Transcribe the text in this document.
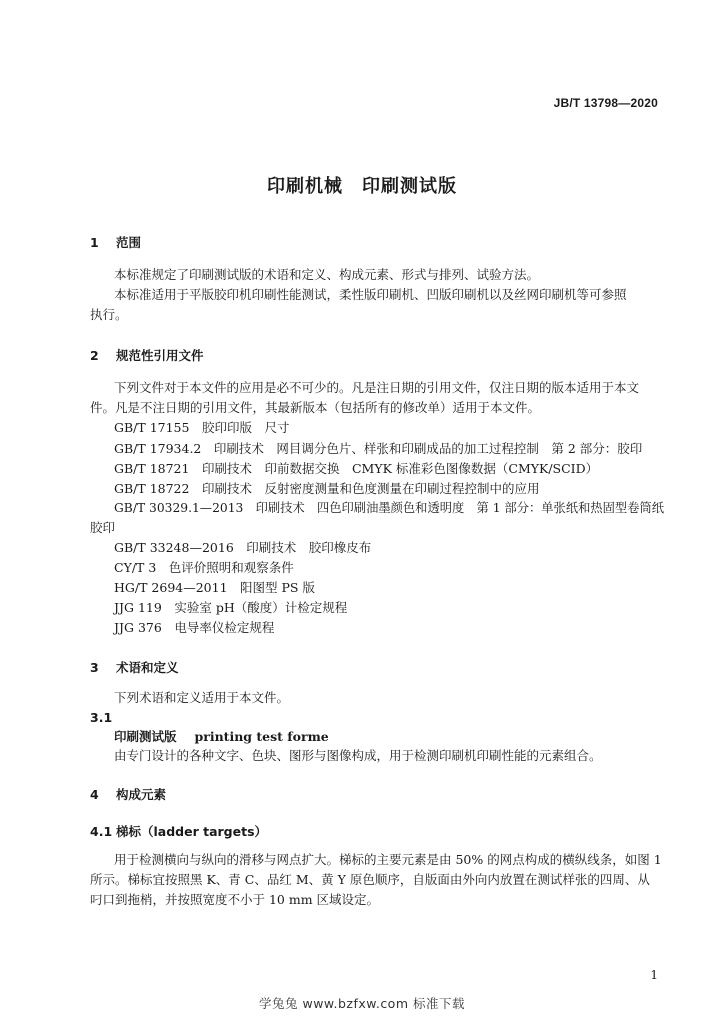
JB/T 13798—2020
印刷机械　印刷测试版
1 范围
本标准规定了印刷测试版的术语和定义、构成元素、形式与排列、试验方法。
本标准适用于平版胶印机印刷性能测试，柔性版印刷机、凹版印刷机以及丝网印刷机等可参照
执行。
2 规范性引用文件
下列文件对于本文件的应用是必不可少的。凡是注日期的引用文件，仅注日期的版本适用于本文
件。凡是不注日期的引用文件，其最新版本（包括所有的修改单）适用于本文件。
GB/T 17155　胶印印版　尺寸
GB/T 17934.2　印刷技术　网目调分色片、样张和印刷成品的加工过程控制　第 2 部分：胶印
GB/T 18721　印刷技术　印前数据交换　CMYK 标准彩色图像数据（CMYK/SCID）
GB/T 18722　印刷技术　反射密度测量和色度测量在印刷过程控制中的应用
GB/T 30329.1—2013　印刷技术　四色印刷油墨颜色和透明度　第 1 部分：单张纸和热固型卷筒纸
胶印
GB/T 33248—2016　印刷技术　胶印橡皮布
CY/T 3　色评价照明和观察条件
HG/T 2694—2011　阳图型 PS 版
JJG 119　实验室 pH（酸度）计检定规程
JJG 376　电导率仪检定规程
3 术语和定义
下列术语和定义适用于本文件。
3.1
印刷测试版 printing test forme
由专门设计的各种文字、色块、图形与图像构成，用于检测印刷机印刷性能的元素组合。
4 构成元素
4.1 梯标（ladder targets）
用于检测横向与纵向的滑移与网点扩大。梯标的主要元素是由 50% 的网点构成的横纵线条，如图 1
所示。梯标宜按照黑 K、青 C、品红 M、黄 Y 原色顺序，自版面由外向内放置在测试样张的四周、从
叼口到拖梢，并按照宽度不小于 10 mm 区域设定。
1
学兔兔 www.bzfxw.com 标准下载
